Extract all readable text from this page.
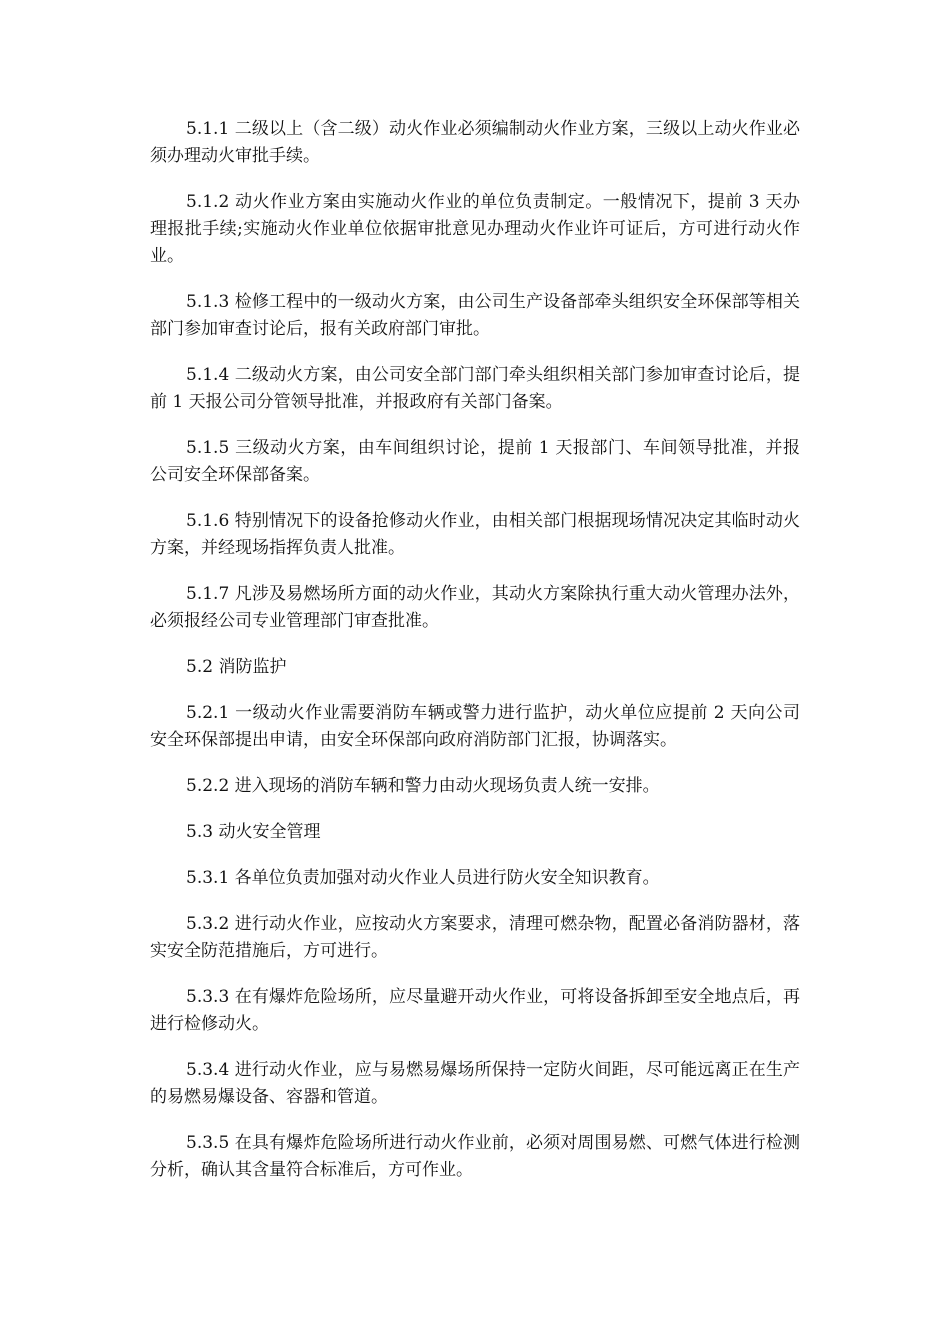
5.1.1 二级以上（含二级）动火作业必须编制动火作业方案，三级以上动火作业必须办理动火审批手续。

5.1.2 动火作业方案由实施动火作业的单位负责制定。一般情况下，提前 3 天办理报批手续;实施动火作业单位依据审批意见办理动火作业许可证后，方可进行动火作业。

5.1.3 检修工程中的一级动火方案，由公司生产设备部牵头组织安全环保部等相关部门参加审查讨论后，报有关政府部门审批。

5.1.4 二级动火方案，由公司安全部门部门牵头组织相关部门参加审查讨论后，提前 1 天报公司分管领导批准，并报政府有关部门备案。

5.1.5 三级动火方案，由车间组织讨论，提前 1 天报部门、车间领导批准，并报公司安全环保部备案。

5.1.6 特别情况下的设备抢修动火作业，由相关部门根据现场情况决定其临时动火方案，并经现场指挥负责人批准。

5.1.7 凡涉及易燃场所方面的动火作业，其动火方案除执行重大动火管理办法外，必须报经公司专业管理部门审查批准。

5.2 消防监护

5.2.1 一级动火作业需要消防车辆或警力进行监护，动火单位应提前 2 天向公司安全环保部提出申请，由安全环保部向政府消防部门汇报，协调落实。

5.2.2 进入现场的消防车辆和警力由动火现场负责人统一安排。

5.3 动火安全管理

5.3.1 各单位负责加强对动火作业人员进行防火安全知识教育。

5.3.2 进行动火作业，应按动火方案要求，清理可燃杂物，配置必备消防器材，落实安全防范措施后，方可进行。

5.3.3 在有爆炸危险场所，应尽量避开动火作业，可将设备拆卸至安全地点后，再进行检修动火。

5.3.4 进行动火作业，应与易燃易爆场所保持一定防火间距，尽可能远离正在生产的易燃易爆设备、容器和管道。

5.3.5 在具有爆炸危险场所进行动火作业前，必须对周围易燃、可燃气体进行检测分析，确认其含量符合标准后，方可作业。
